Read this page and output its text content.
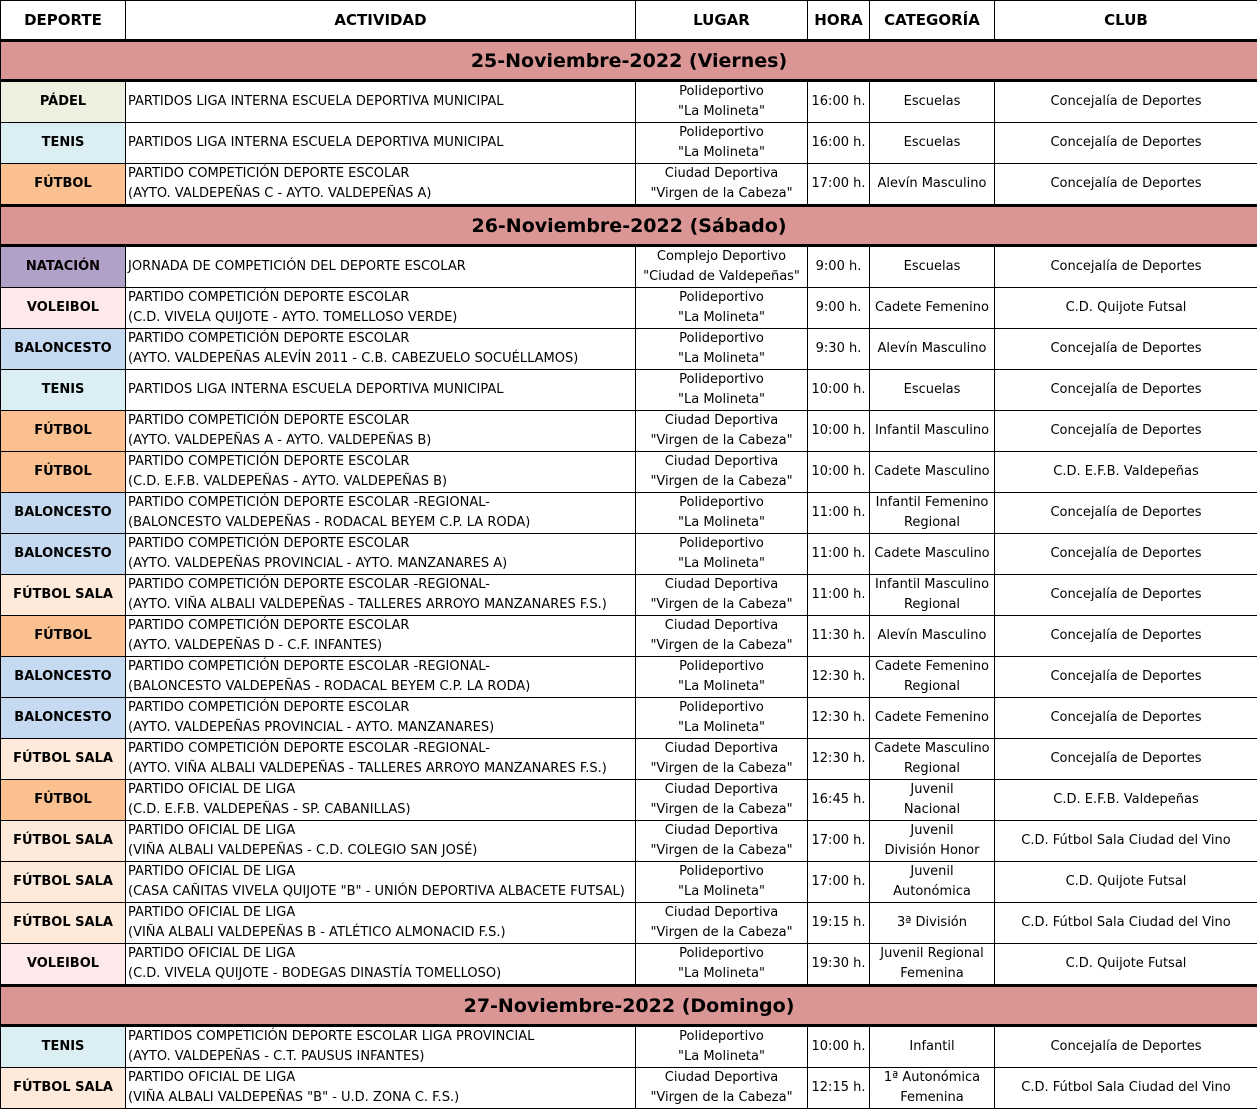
DEPORTE	ACTIVIDAD	LUGAR	HORA	CATEGORÍA	CLUB
25-Noviembre-2022 (Viernes)					
PÁDEL	PARTIDOS LIGA INTERNA ESCUELA DEPORTIVA MUNICIPAL	Polideportivo
"La Molineta"	16:00 h.	Escuelas	Concejalía de Deportes
TENIS	PARTIDOS LIGA INTERNA ESCUELA DEPORTIVA MUNICIPAL	Polideportivo
"La Molineta"	16:00 h.	Escuelas	Concejalía de Deportes
FÚTBOL	PARTIDO COMPETICIÓN DEPORTE ESCOLAR
(AYTO. VALDEPEÑAS C - AYTO. VALDEPEÑAS A)	Ciudad Deportiva
"Virgen de la Cabeza"	17:00 h.	Alevín Masculino	Concejalía de Deportes
26-Noviembre-2022 (Sábado)					
NATACIÓN	JORNADA DE COMPETICIÓN DEL DEPORTE ESCOLAR	Complejo Deportivo
"Ciudad de Valdepeñas"	9:00 h.	Escuelas	Concejalía de Deportes
VOLEIBOL	PARTIDO COMPETICIÓN DEPORTE ESCOLAR
(C.D. VIVELA QUIJOTE - AYTO. TOMELLOSO VERDE)	Polideportivo
"La Molineta"	9:00 h.	Cadete Femenino	C.D. Quijote Futsal
BALONCESTO	PARTIDO COMPETICIÓN DEPORTE ESCOLAR
(AYTO. VALDEPEÑAS ALEVÍN 2011 - C.B. CABEZUELO SOCUÉLLAMOS)	Polideportivo
"La Molineta"	9:30 h.	Alevín Masculino	Concejalía de Deportes
TENIS	PARTIDOS LIGA INTERNA ESCUELA DEPORTIVA MUNICIPAL	Polideportivo
"La Molineta"	10:00 h.	Escuelas	Concejalía de Deportes
FÚTBOL	PARTIDO COMPETICIÓN DEPORTE ESCOLAR
(AYTO. VALDEPEÑAS A - AYTO. VALDEPEÑAS B)	Ciudad Deportiva
"Virgen de la Cabeza"	10:00 h.	Infantil Masculino	Concejalía de Deportes
FÚTBOL	PARTIDO COMPETICIÓN DEPORTE ESCOLAR
(C.D. E.F.B. VALDEPEÑAS - AYTO. VALDEPEÑAS B)	Ciudad Deportiva
"Virgen de la Cabeza"	10:00 h.	Cadete Masculino	C.D. E.F.B. Valdepeñas
BALONCESTO	PARTIDO COMPETICIÓN DEPORTE ESCOLAR -REGIONAL-
(BALONCESTO VALDEPEÑAS - RODACAL BEYEM C.P. LA RODA)	Polideportivo
"La Molineta"	11:00 h.	Infantil Femenino
Regional	Concejalía de Deportes
BALONCESTO	PARTIDO COMPETICIÓN DEPORTE ESCOLAR
(AYTO. VALDEPEÑAS PROVINCIAL - AYTO. MANZANARES A)	Polideportivo
"La Molineta"	11:00 h.	Cadete Masculino	Concejalía de Deportes
FÚTBOL SALA	PARTIDO COMPETICIÓN DEPORTE ESCOLAR -REGIONAL-
(AYTO. VIÑA ALBALI VALDEPEÑAS - TALLERES ARROYO MANZANARES F.S.)	Ciudad Deportiva
"Virgen de la Cabeza"	11:00 h.	Infantil Masculino
Regional	Concejalía de Deportes
FÚTBOL	PARTIDO COMPETICIÓN DEPORTE ESCOLAR
(AYTO. VALDEPEÑAS D - C.F. INFANTES)	Ciudad Deportiva
"Virgen de la Cabeza"	11:30 h.	Alevín Masculino	Concejalía de Deportes
BALONCESTO	PARTIDO COMPETICIÓN DEPORTE ESCOLAR -REGIONAL-
(BALONCESTO VALDEPEÑAS - RODACAL BEYEM C.P. LA RODA)	Polideportivo
"La Molineta"	12:30 h.	Cadete Femenino
Regional	Concejalía de Deportes
BALONCESTO	PARTIDO COMPETICIÓN DEPORTE ESCOLAR
(AYTO. VALDEPEÑAS PROVINCIAL - AYTO. MANZANARES)	Polideportivo
"La Molineta"	12:30 h.	Cadete Femenino	Concejalía de Deportes
FÚTBOL SALA	PARTIDO COMPETICIÓN DEPORTE ESCOLAR -REGIONAL-
(AYTO. VIÑA ALBALI VALDEPEÑAS - TALLERES ARROYO MANZANARES F.S.)	Ciudad Deportiva
"Virgen de la Cabeza"	12:30 h.	Cadete Masculino
Regional	Concejalía de Deportes
FÚTBOL	PARTIDO OFICIAL DE LIGA
(C.D. E.F.B. VALDEPEÑAS - SP. CABANILLAS)	Ciudad Deportiva
"Virgen de la Cabeza"	16:45 h.	Juvenil
Nacional	C.D. E.F.B. Valdepeñas
FÚTBOL SALA	PARTIDO OFICIAL DE LIGA
(VIÑA ALBALI VALDEPEÑAS - C.D. COLEGIO SAN JOSÉ)	Ciudad Deportiva
"Virgen de la Cabeza"	17:00 h.	Juvenil
División Honor	C.D. Fútbol Sala Ciudad del Vino
FÚTBOL SALA	PARTIDO OFICIAL DE LIGA
(CASA CAÑITAS VIVELA QUIJOTE "B" - UNIÓN DEPORTIVA ALBACETE FUTSAL)	Polideportivo
"La Molineta"	17:00 h.	Juvenil
Autonómica	C.D. Quijote Futsal
FÚTBOL SALA	PARTIDO OFICIAL DE LIGA
(VIÑA ALBALI VALDEPEÑAS B - ATLÉTICO ALMONACID F.S.)	Ciudad Deportiva
"Virgen de la Cabeza"	19:15 h.	3ª División	C.D. Fútbol Sala Ciudad del Vino
VOLEIBOL	PARTIDO OFICIAL DE LIGA
(C.D. VIVELA QUIJOTE - BODEGAS DINASTÍA TOMELLOSO)	Polideportivo
"La Molineta"	19:30 h.	Juvenil Regional
Femenina	C.D. Quijote Futsal
27-Noviembre-2022 (Domingo)					
TENIS	PARTIDOS COMPETICIÓN DEPORTE ESCOLAR LIGA PROVINCIAL
(AYTO. VALDEPEÑAS - C.T. PAUSUS INFANTES)	Polideportivo
"La Molineta"	10:00 h.	Infantil	Concejalía de Deportes
FÚTBOL SALA	PARTIDO OFICIAL DE LIGA
(VIÑA ALBALI VALDEPEÑAS "B" - U.D. ZONA C. F.S.)	Ciudad Deportiva
"Virgen de la Cabeza"	12:15 h.	1ª Autonómica
Femenina	C.D. Fútbol Sala Ciudad del Vino
